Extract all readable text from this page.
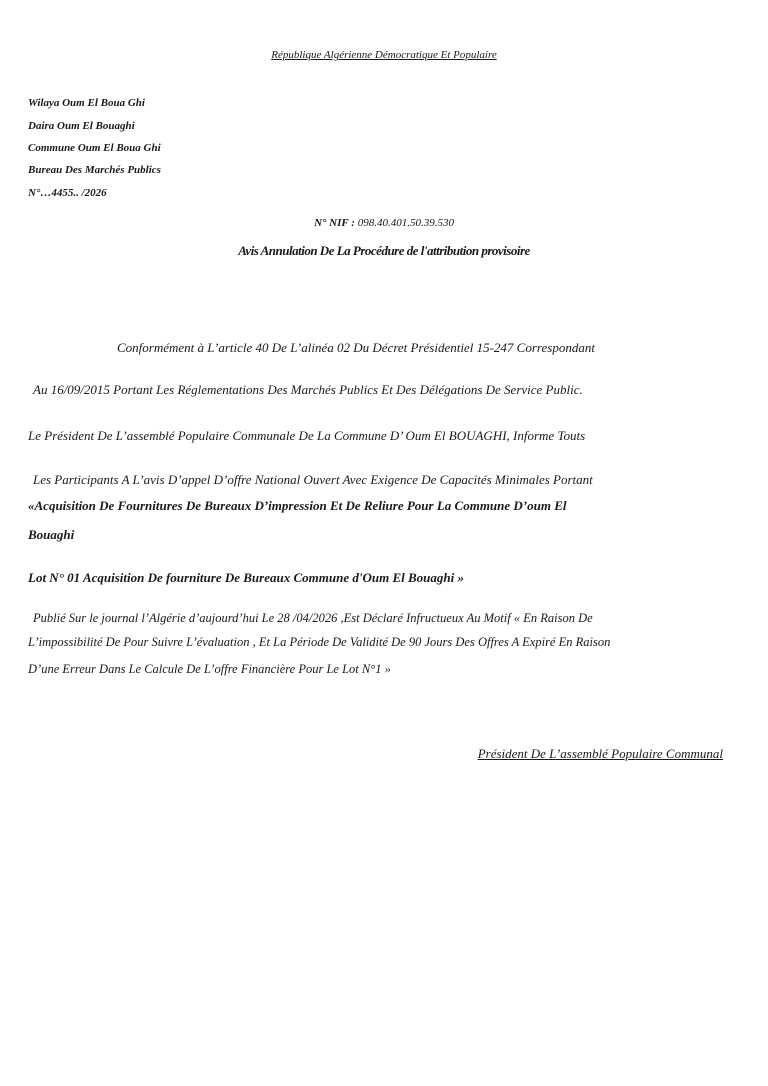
République Algérienne Démocratique Et Populaire
Wilaya Oum El Boua Ghi
Daira Oum El Bouaghi
Commune Oum El Boua Ghi
Bureau Des Marchés Publics
N°…4455.. /2026
N° NIF : 098.40.401.50.39.530
Avis Annulation De La Procédure de l'attribution provisoire
Conformément à L’article 40 De L’alinéa 02 Du Décret Présidentiel 15-247 Correspondant
Au 16/09/2015 Portant Les Réglementations Des Marchés Publics Et Des Délégations De Service Public.
Le Président De L’assemblé Populaire Communale De La Commune D’ Oum El BOUAGHI, Informe Touts
Les Participants A L’avis D’appel D’offre National Ouvert Avec Exigence De Capacités Minimales Portant
«Acquisition De Fournitures De Bureaux D’impression Et De Reliure Pour La Commune D’oum El
Bouaghi
Lot N° 01 Acquisition De fourniture De Bureaux Commune d'Oum El Bouaghi »
Publié Sur le journal l’Algérie d’aujourd’hui Le 28 /04/2026 ,Est Déclaré Infructueux Au Motif « En Raison De
L’impossibilité De Pour Suivre L’évaluation , Et La Période De Validité De 90 Jours Des Offres A Expiré En Raison
D’une Erreur Dans Le Calcule De L’offre Financière Pour Le Lot N°1 »
Président De L’assemblé Populaire Communal
